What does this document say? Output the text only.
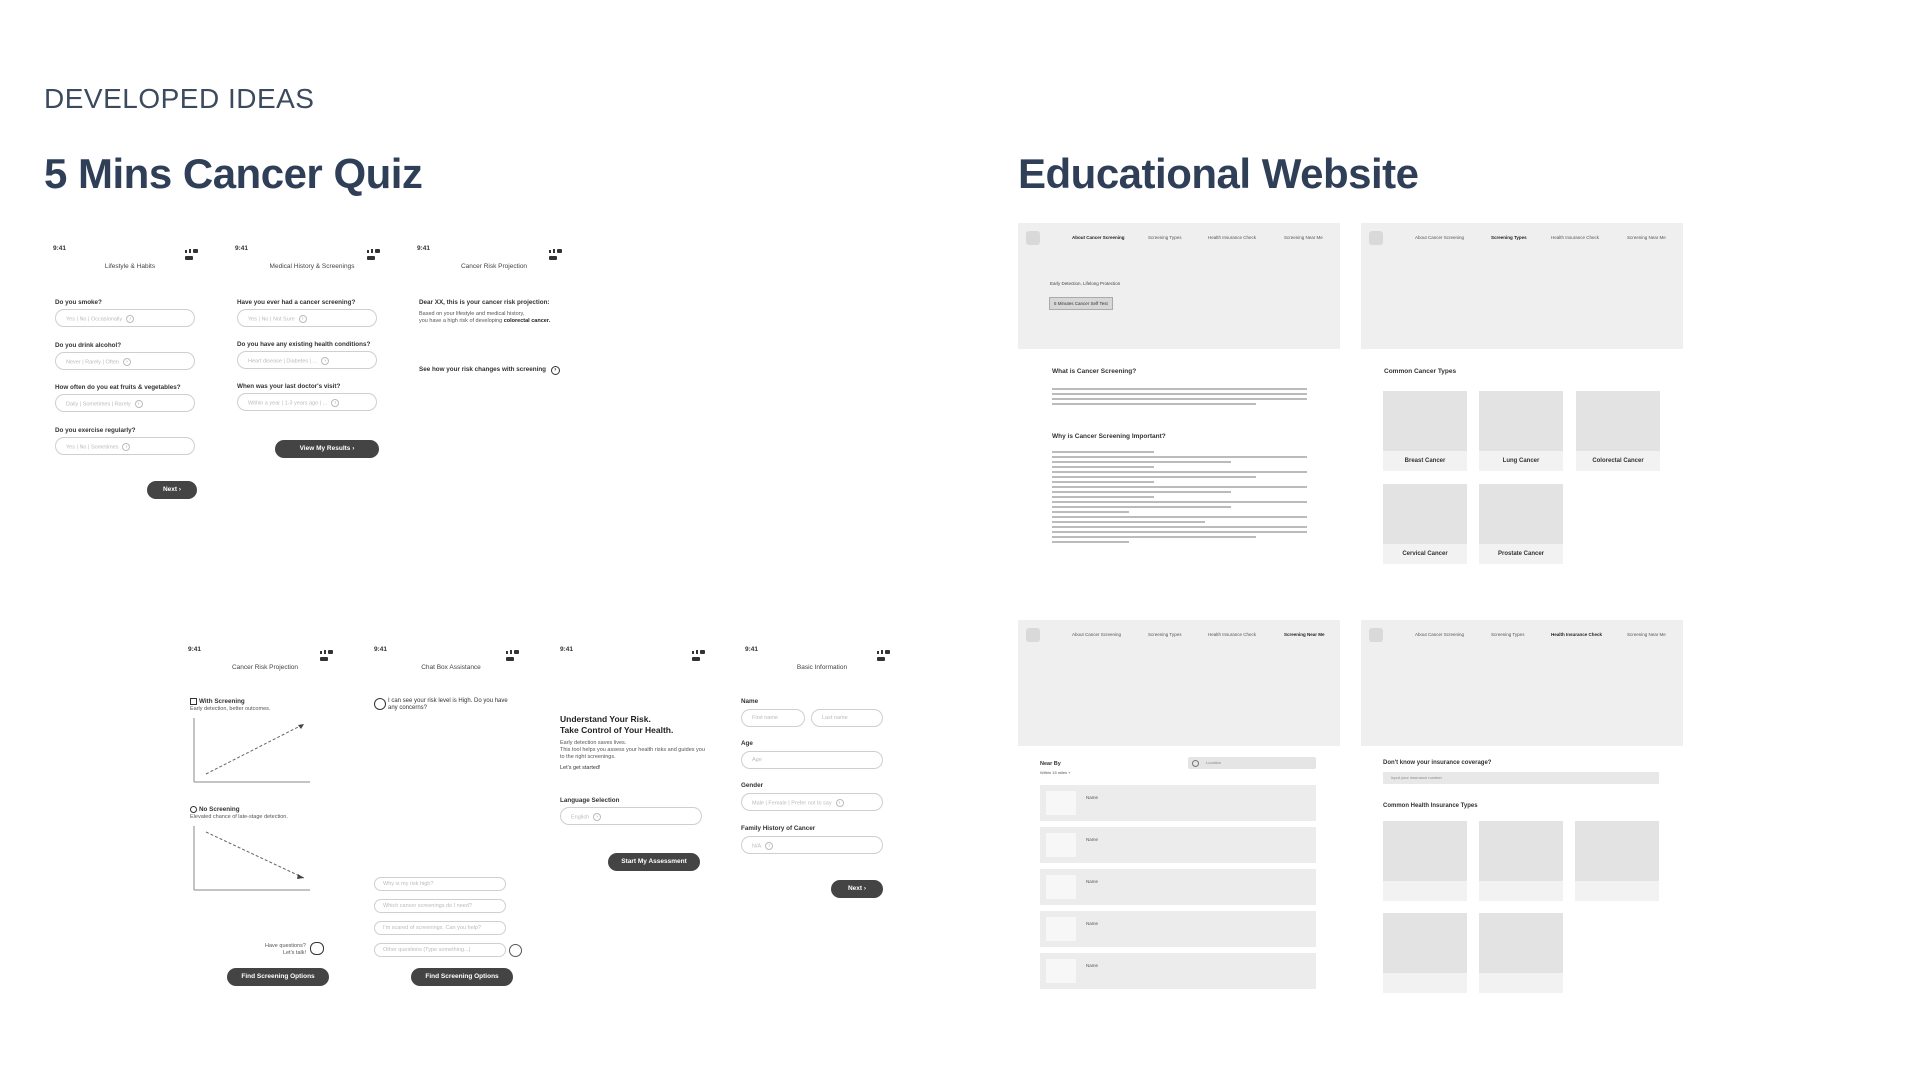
DEVELOPED IDEAS
5 Mins Cancer Quiz	Educational Website
9:41
Lifestyle & Habits
Do you smoke?
Yes | No | Occasionally ›
Do you drink alcohol?
Never | Rarely | Often ›
How often do you eat fruits & vegetables?
Daily | Sometimes | Rarely ›
Do you exercise regularly?
Yes | No | Sometimes ›
Next ›
9:41
Medical History & Screenings
Have you ever had a cancer screening?
Yes | No | Not Sure ›
Do you have any existing health conditions?
Heart disease | Diabetes | ... ›
When was your last doctor's visit?
Within a year | 1-3 years ago | ... ›
View My Results ›
9:41
Cancer Risk Projection
Dear XX, this is your cancer risk projection:
Based on your lifestyle and medical history,
you have a high risk of developing colorectal cancer.
See how your risk changes with screening ›
9:41
Cancer Risk Projection
With Screening
Early detection, better outcomes.
No Screening
Elevated chance of late-stage detection.
Have questions?
Let's talk!
Find Screening Options
9:41
Chat Box Assistance
I can see your risk level is High. Do you have any concerns?
Why is my risk high?
Which cancer screenings do I need?
I'm scared of screenings. Can you help?
Other questions (Type something...)
Find Screening Options
9:41
Understand Your Risk.
Take Control of Your Health.
Early detection saves lives.
This tool helps you assess your health risks and guides you
to the right screenings.
Let's get started!
Language Selection
English ›
Start My Assessment
9:41
Basic Information
Name
First name	Last name
Age
Age
Gender
Male | Female | Prefer not to say ›
Family History of Cancer
N/A ›
Next ›
About Cancer Screening	Screening Types	Health Insurance Check	Screening Near Me
Early Detection, Lifelong Protection
5 Minutes Cancer Self Test
What is Cancer Screening?
Why is Cancer Screening Important?
About Cancer Screening	Screening Types	Health Insurance Check	Screening Near Me
Common Cancer Types
Breast Cancer	Lung Cancer	Colorectal Cancer
Cervical Cancer	Prostate Cancer
About Cancer Screening	Screening Types	Health Insurance Check	Screening Near Me
Near By
Within 15 miles ˅
Location
Name
Name
Name
Name
Name
About Cancer Screening	Screening Types	Health Insurance Check	Screening Near Me
Don't know your insurance coverage?
Input your insurance number
Common Health Insurance Types
